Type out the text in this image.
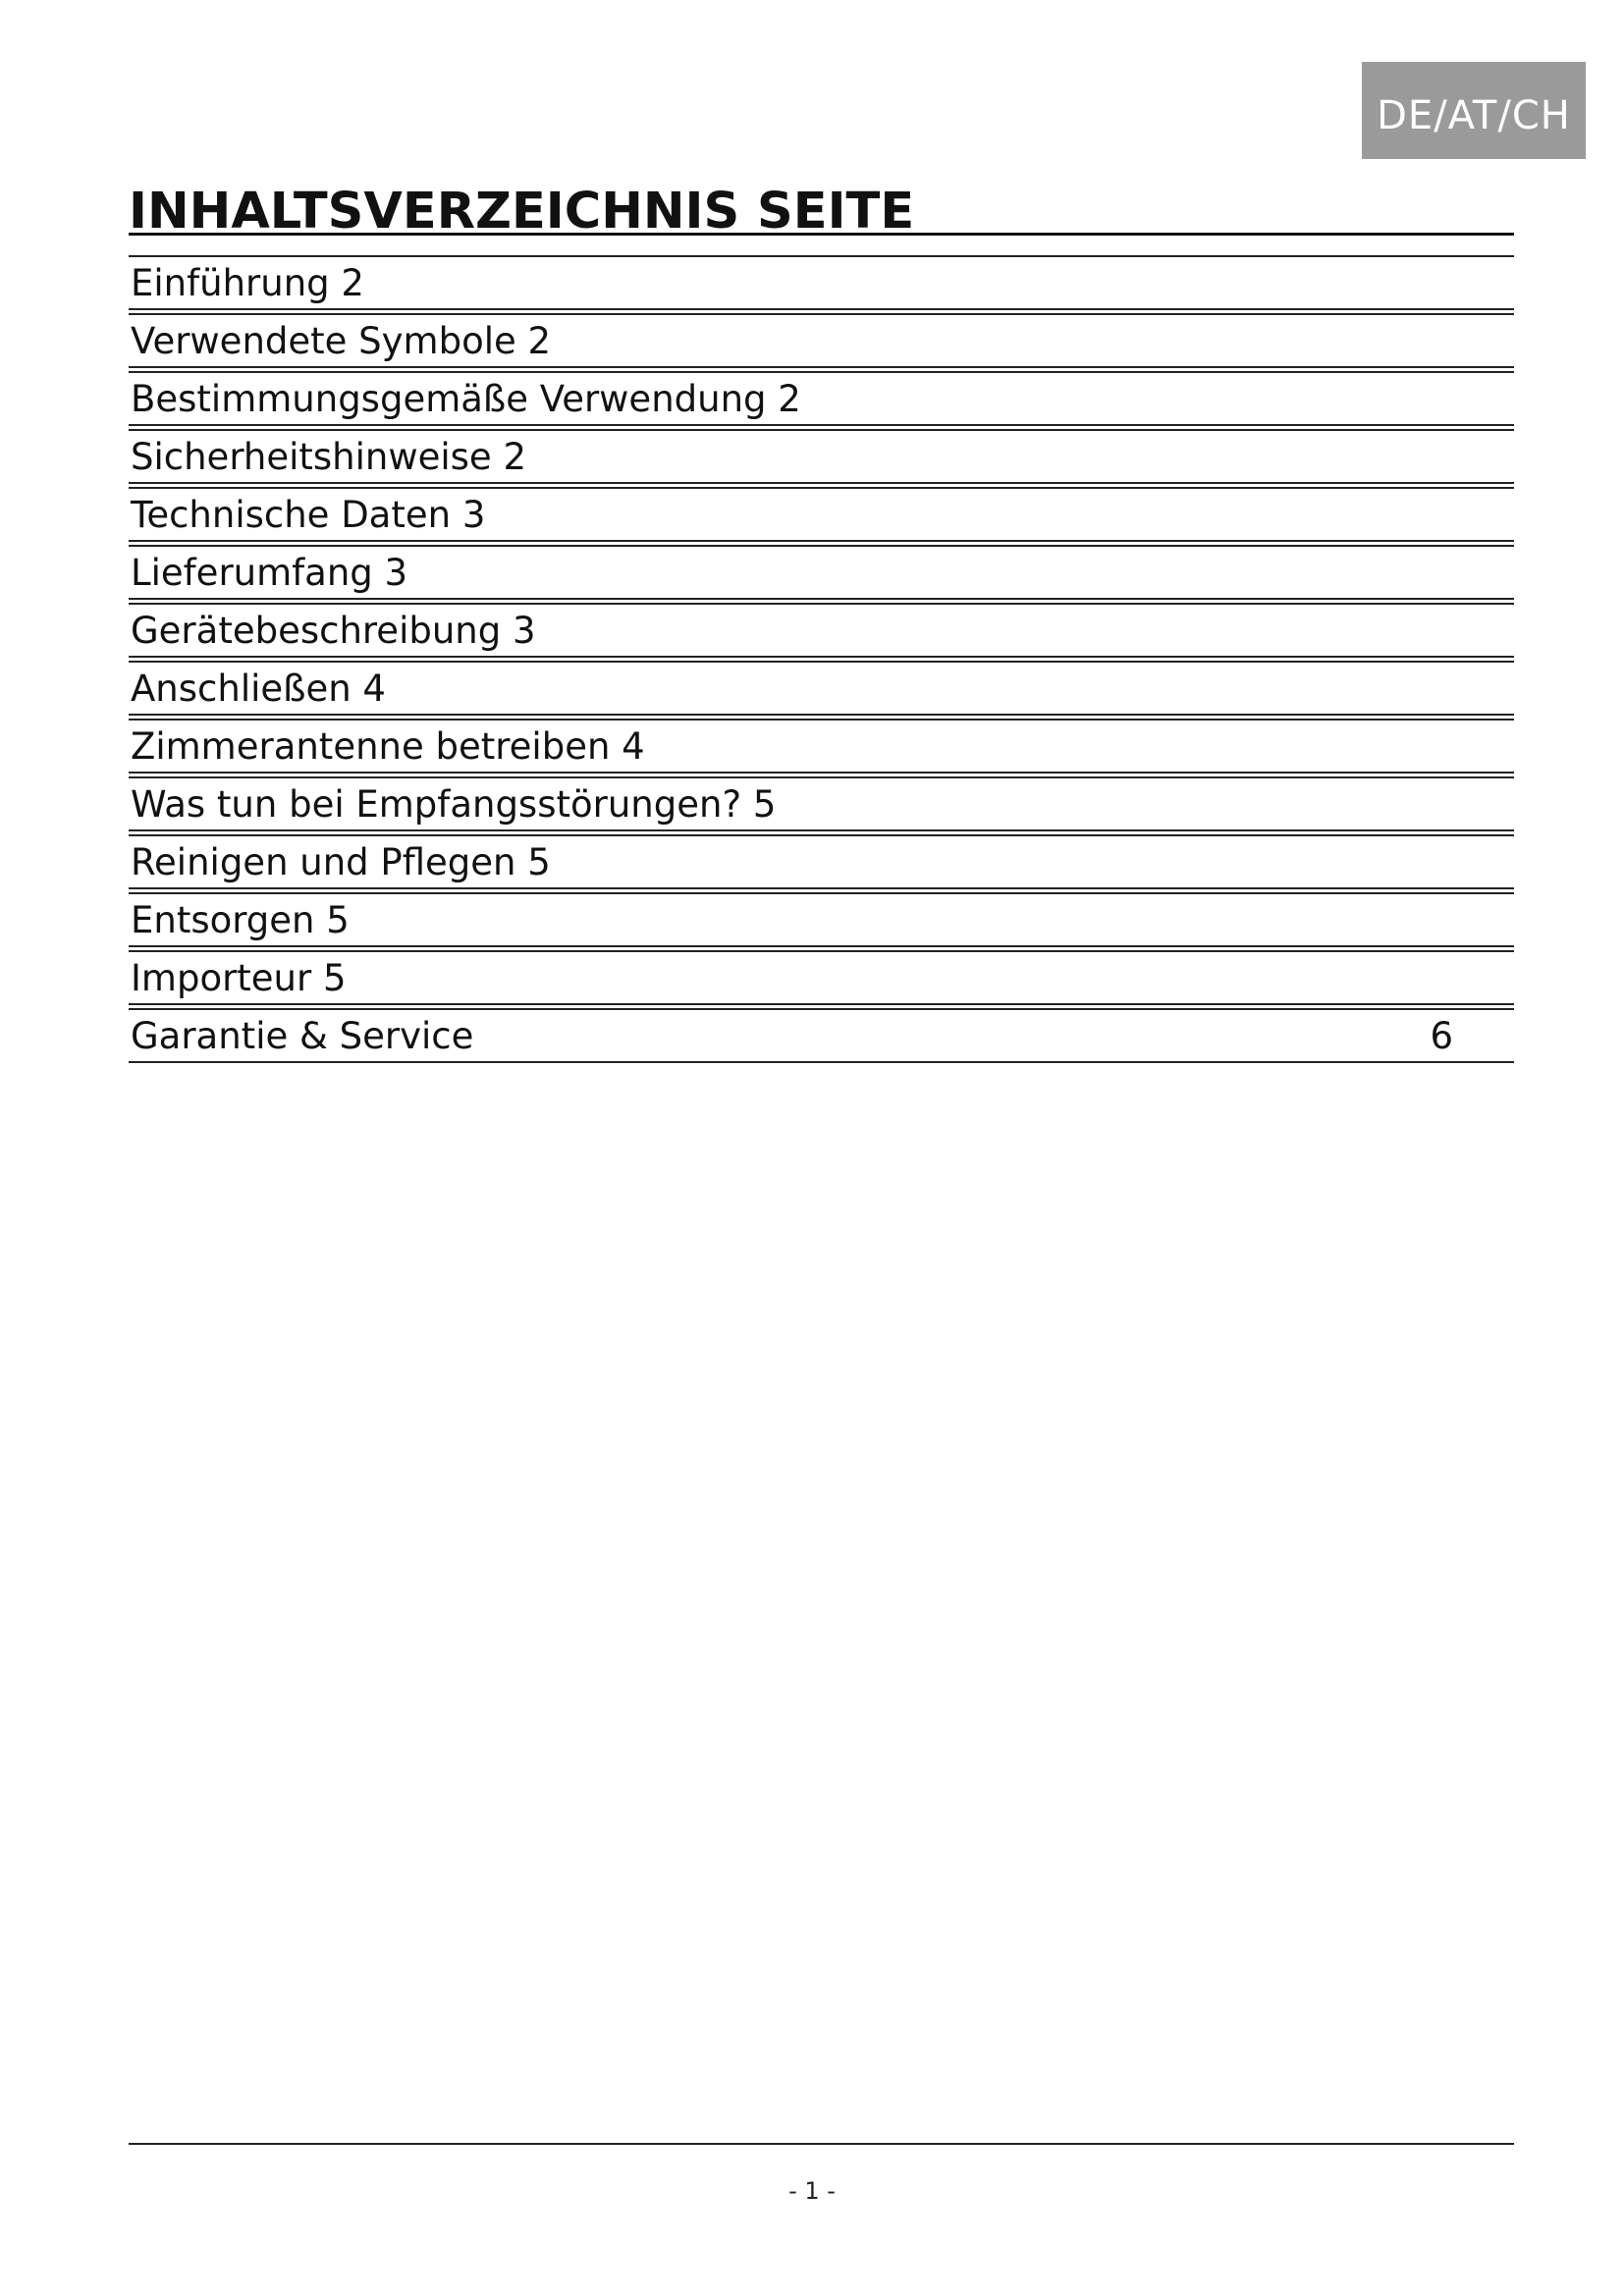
DE/AT/CH
INHALTSVERZEICHNIS SEITE
Einführung 2
Verwendete Symbole 2
Bestimmungsgemäße Verwendung 2
Sicherheitshinweise 2
Technische Daten 3
Lieferumfang 3
Gerätebeschreibung 3
Anschließen 4
Zimmerantenne betreiben 4
Was tun bei Empfangsstörungen? 5
Reinigen und Pflegen 5
Entsorgen 5
Importeur 5
Garantie & Service	6
- 1 -
